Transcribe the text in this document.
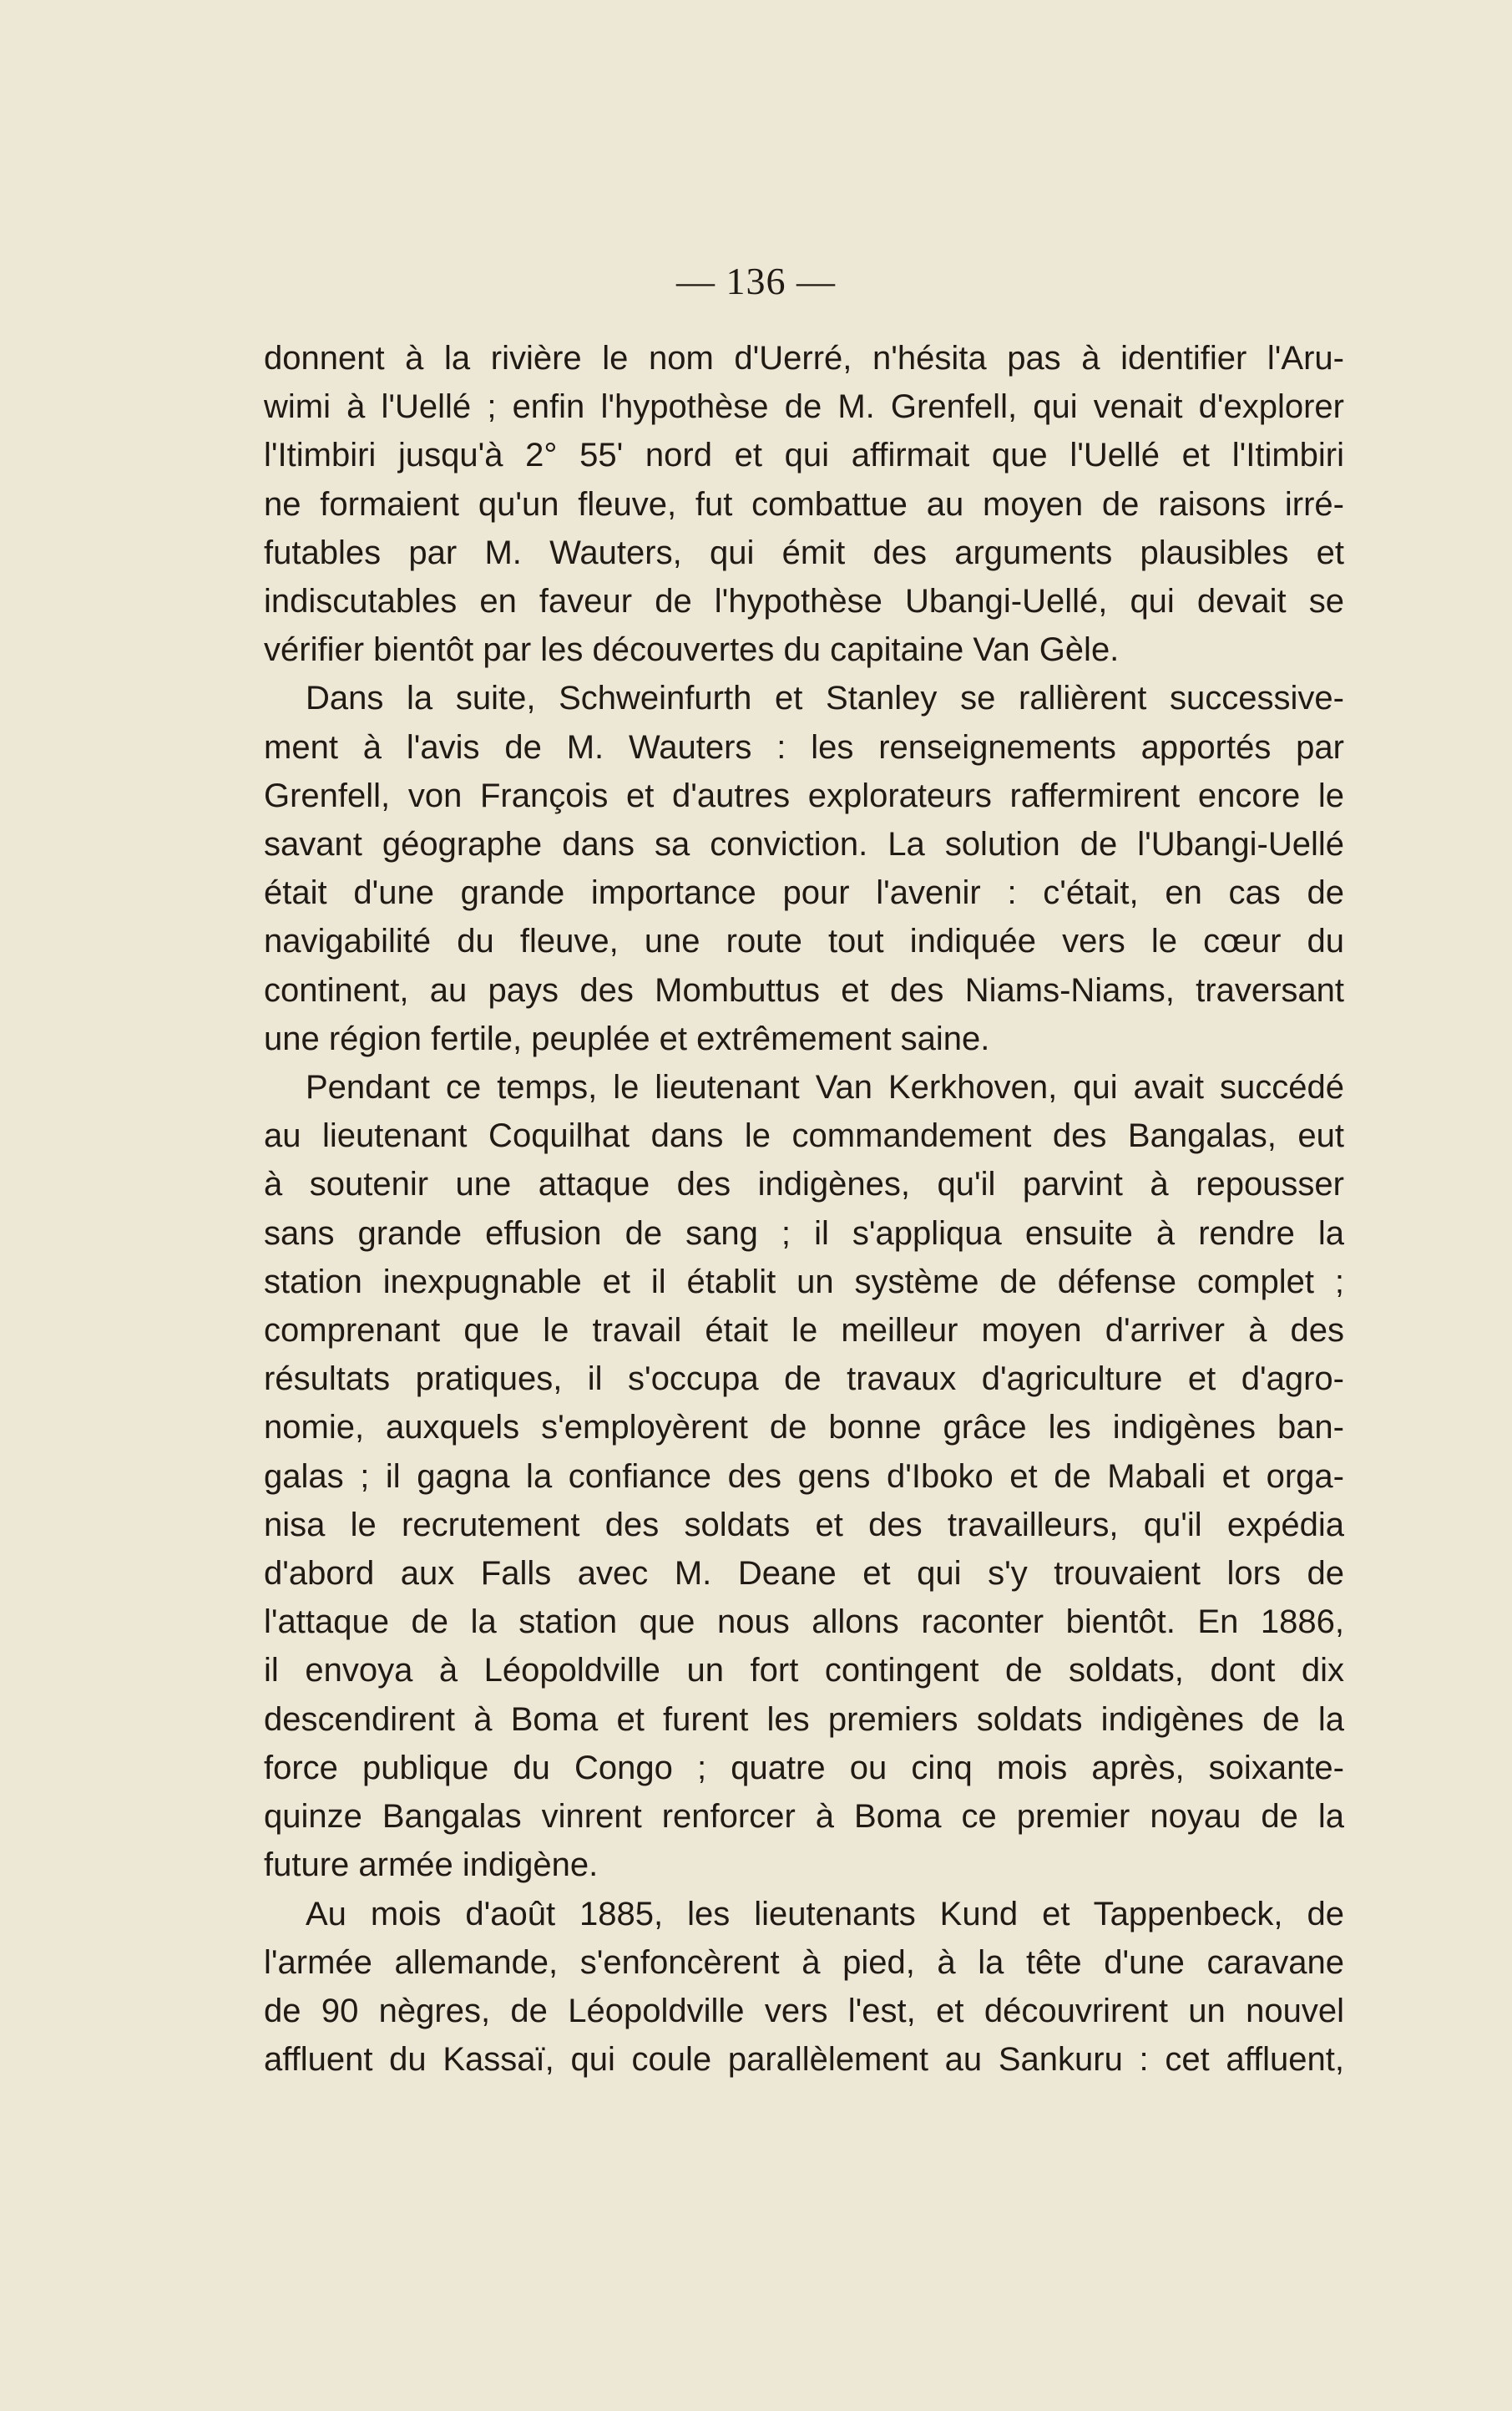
— 136 —
donnent à la rivière le nom d'Uerré, n'hésita pas à identifier l'Aru-
wimi à l'Uellé ; enfin l'hypothèse de M. Grenfell, qui venait d'explorer
l'Itimbiri jusqu'à 2° 55' nord et qui affirmait que l'Uellé et l'Itimbiri
ne formaient qu'un fleuve, fut combattue au moyen de raisons irré-
futables par M. Wauters, qui émit des arguments plausibles et
indiscutables en faveur de l'hypothèse Ubangi-Uellé, qui devait se
vérifier bientôt par les découvertes du capitaine Van Gèle.
Dans la suite, Schweinfurth et Stanley se rallièrent successive-
ment à l'avis de M. Wauters : les renseignements apportés par
Grenfell, von François et d'autres explorateurs raffermirent encore le
savant géographe dans sa conviction. La solution de l'Ubangi-Uellé
était d'une grande importance pour l'avenir : c'était, en cas de
navigabilité du fleuve, une route tout indiquée vers le cœur du
continent, au pays des Mombuttus et des Niams-Niams, traversant
une région fertile, peuplée et extrêmement saine.
Pendant ce temps, le lieutenant Van Kerkhoven, qui avait succédé
au lieutenant Coquilhat dans le commandement des Bangalas, eut
à soutenir une attaque des indigènes, qu'il parvint à repousser
sans grande effusion de sang ; il s'appliqua ensuite à rendre la
station inexpugnable et il établit un système de défense complet ;
comprenant que le travail était le meilleur moyen d'arriver à des
résultats pratiques, il s'occupa de travaux d'agriculture et d'agro-
nomie, auxquels s'employèrent de bonne grâce les indigènes ban-
galas ; il gagna la confiance des gens d'Iboko et de Mabali et orga-
nisa le recrutement des soldats et des travailleurs, qu'il expédia
d'abord aux Falls avec M. Deane et qui s'y trouvaient lors de
l'attaque de la station que nous allons raconter bientôt. En 1886,
il envoya à Léopoldville un fort contingent de soldats, dont dix
descendirent à Boma et furent les premiers soldats indigènes de la
force publique du Congo ; quatre ou cinq mois après, soixante-
quinze Bangalas vinrent renforcer à Boma ce premier noyau de la
future armée indigène.
Au mois d'août 1885, les lieutenants Kund et Tappenbeck, de
l'armée allemande, s'enfoncèrent à pied, à la tête d'une caravane
de 90 nègres, de Léopoldville vers l'est, et découvrirent un nouvel
affluent du Kassaï, qui coule parallèlement au Sankuru : cet affluent,
